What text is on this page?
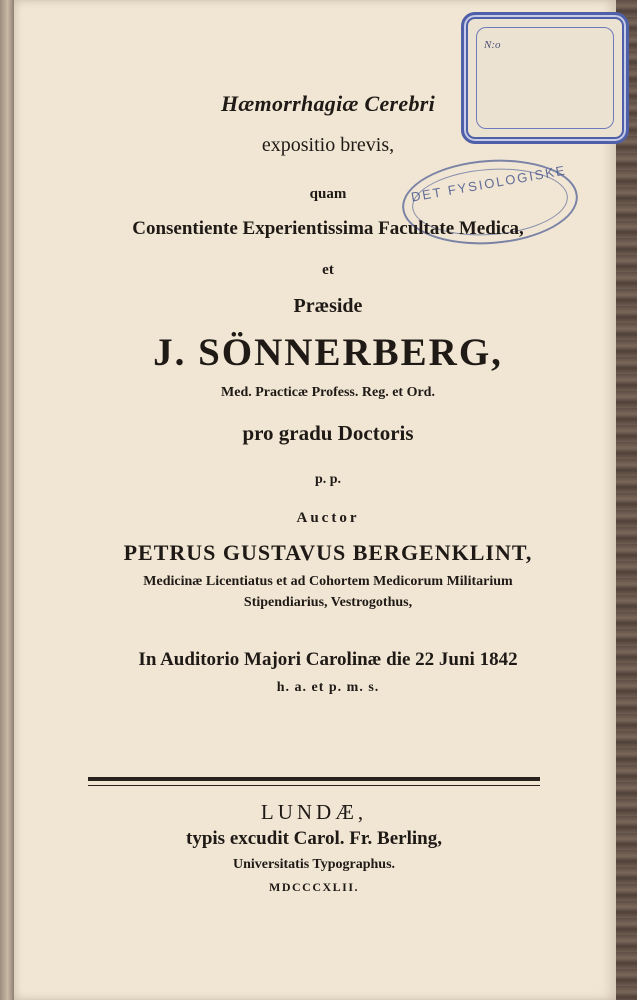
N:o
DET FYSIOLOGISKE
Hæmorrhagiæ Cerebri
expositio brevis,
quam
Consentiente Experientissima Facultate Medica,
et
Præside
J. SÖNNERBERG,
Med. Practicæ Profess. Reg. et Ord.
pro gradu Doctoris
p. p.
Auctor
PETRUS GUSTAVUS BERGENKLINT,
Medicinæ Licentiatus et ad Cohortem Medicorum Militarium
Stipendiarius, Vestrogothus,
In Auditorio Majori Carolinæ die 22 Juni 1842
h. a. et p. m. s.
LUNDÆ,
typis excudit Carol. Fr. Berling,
Universitatis Typographus.
MDCCCXLII.
